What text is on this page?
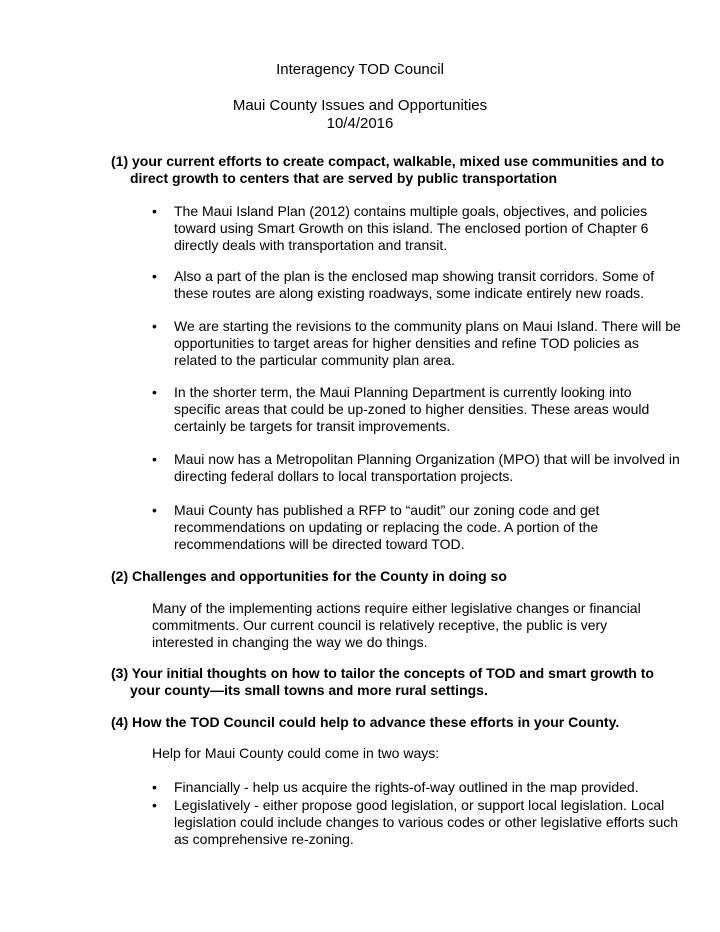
Interagency TOD Council
Maui County Issues and Opportunities
10/4/2016
(1) your current efforts to create compact, walkable, mixed use communities and to
direct growth to centers that are served by public transportation
•	The Maui Island Plan (2012) contains multiple goals, objectives, and policies toward using Smart Growth on this island. The enclosed portion of Chapter 6 directly deals with transportation and transit.
•	Also a part of the plan is the enclosed map showing transit corridors. Some of these routes are along existing roadways, some indicate entirely new roads.
•	We are starting the revisions to the community plans on Maui Island. There will be opportunities to target areas for higher densities and refine TOD policies as related to the particular community plan area.
•	In the shorter term, the Maui Planning Department is currently looking into specific areas that could be up-zoned to higher densities. These areas would certainly be targets for transit improvements.
•	Maui now has a Metropolitan Planning Organization (MPO) that will be involved in directing federal dollars to local transportation projects.
•	Maui County has published a RFP to “audit” our zoning code and get recommendations on updating or replacing the code. A portion of the recommendations will be directed toward TOD.
(2) Challenges and opportunities for the County in doing so
Many of the implementing actions require either legislative changes or financial commitments. Our current council is relatively receptive, the public is very interested in changing the way we do things.
(3) Your initial thoughts on how to tailor the concepts of TOD and smart growth to
your county—its small towns and more rural settings.
(4) How the TOD Council could help to advance these efforts in your County.
Help for Maui County could come in two ways:
•	Financially - help us acquire the rights-of-way outlined in the map provided.
•	Legislatively - either propose good legislation, or support local legislation. Local legislation could include changes to various codes or other legislative efforts such as comprehensive re-zoning.
